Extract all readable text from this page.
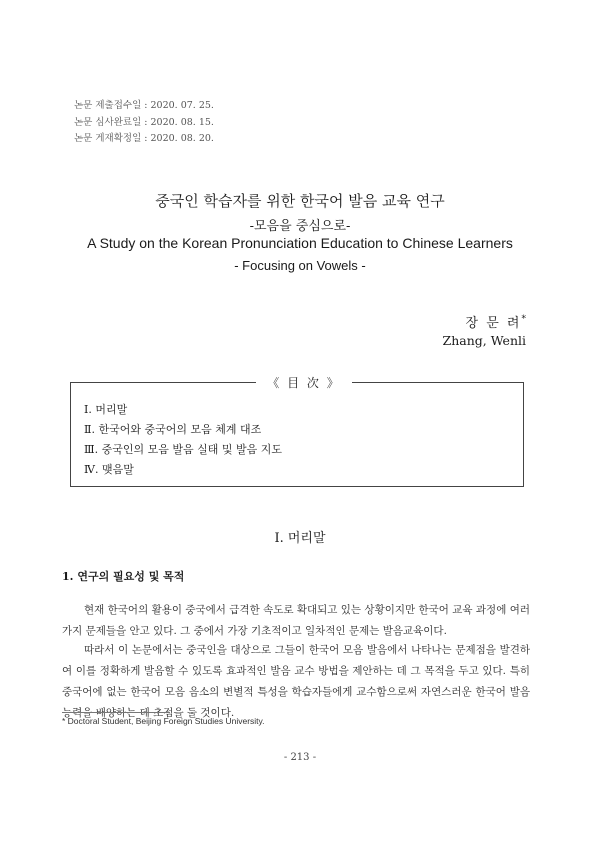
논문 제출접수일 : 2020. 07. 25.
논문 심사완료일 : 2020. 08. 15.
논문 게재확정일 : 2020. 08. 20.
중국인 학습자를 위한 한국어 발음 교육 연구
-모음을 중심으로-
A Study on the Korean Pronunciation Education to Chinese Learners
- Focusing on Vowels -
장 문 려*
Zhang, Wenli
《 目 次 》
Ⅰ. 머리말
Ⅱ. 한국어와 중국어의 모음 체계 대조
Ⅲ. 중국인의 모음 발음 실태 및 발음 지도
Ⅳ. 맺음말
Ⅰ. 머리말
1. 연구의 필요성 및 목적
현재 한국어의 활용이 중국에서 급격한 속도로 확대되고 있는 상황이지만 한국어 교육 과정에 여러 가지 문제들을 안고 있다. 그 중에서 가장 기초적이고 일차적인 문제는 발음교육이다.
따라서 이 논문에서는 중국인을 대상으로 그들이 한국어 모음 발음에서 나타나는 문제점을 발견하여 이를 정확하게 발음할 수 있도록 효과적인 발음 교수 방법을 제안하는 데 그 목적을 두고 있다. 특히 중국어에 없는 한국어 모음 음소의 변별적 특성을 학습자들에게 교수함으로써 자연스러운 한국어 발음 능력을 배양하는 데 초점을 둘 것이다.
* Doctoral Student, Beijing Foreign Studies University.
- 213 -
